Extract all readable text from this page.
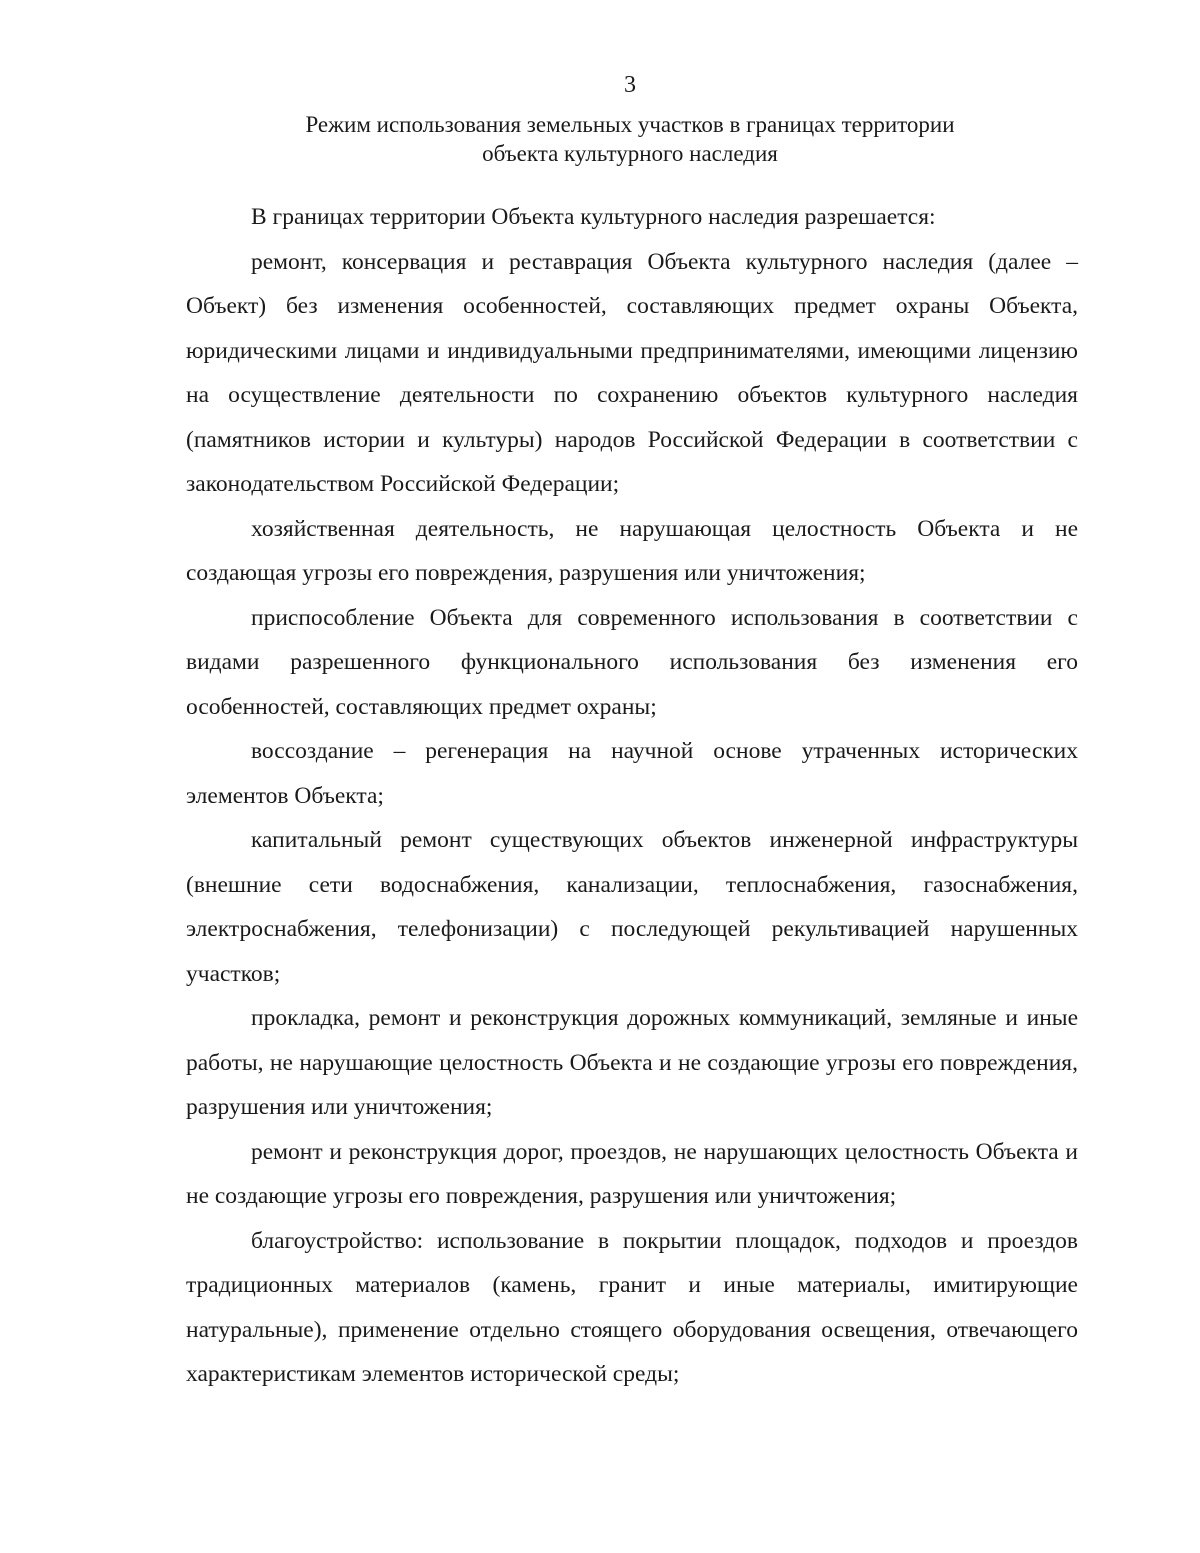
3
Режим использования земельных участков в границах территории
объекта культурного наследия

В границах территории Объекта культурного наследия разрешается:

ремонт, консервация и реставрация Объекта культурного наследия (далее – Объект) без изменения особенностей, составляющих предмет охраны Объекта, юридическими лицами и индивидуальными предпринимателями, имеющими лицензию на осуществление деятельности по сохранению объектов культурного наследия (памятников истории и культуры) народов Российской Федерации в соответствии с законодательством Российской Федерации;

хозяйственная деятельность, не нарушающая целостность Объекта и не создающая угрозы его повреждения, разрушения или уничтожения;

приспособление Объекта для современного использования в соответствии с видами разрешенного функционального использования без изменения его особенностей, составляющих предмет охраны;

воссоздание – регенерация на научной основе утраченных исторических элементов Объекта;

капитальный ремонт существующих объектов инженерной инфраструктуры (внешние сети водоснабжения, канализации, теплоснабжения, газоснабжения, электроснабжения, телефонизации) с последующей рекультивацией нарушенных участков;

прокладка, ремонт и реконструкция дорожных коммуникаций, земляные и иные работы, не нарушающие целостность Объекта и не создающие угрозы его повреждения, разрушения или уничтожения;

ремонт и реконструкция дорог, проездов, не нарушающих целостность Объекта и не создающие угрозы его повреждения, разрушения или уничтожения;

благоустройство: использование в покрытии площадок, подходов и проездов традиционных материалов (камень, гранит и иные материалы, имитирующие натуральные), применение отдельно стоящего оборудования освещения, отвечающего характеристикам элементов исторической среды;
